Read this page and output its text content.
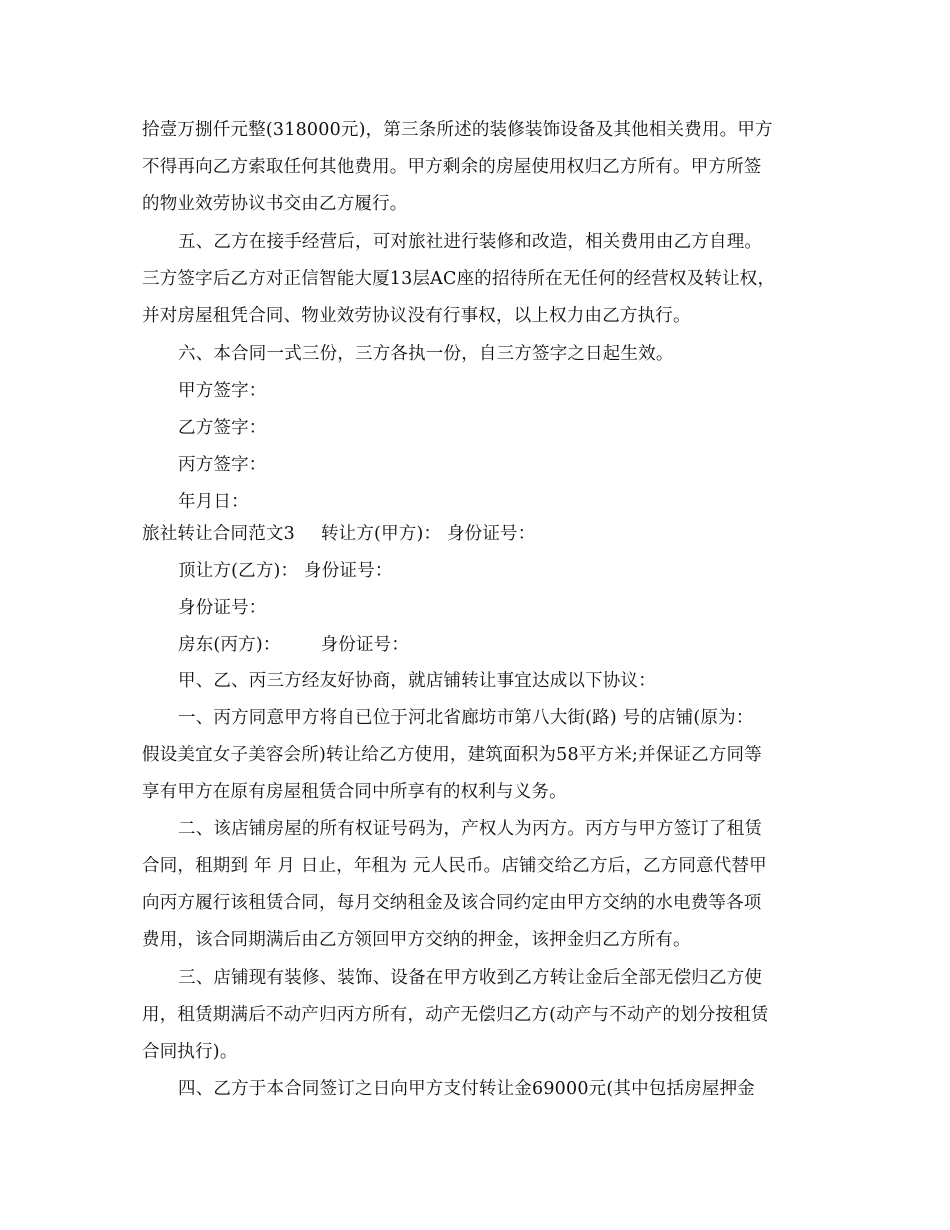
拾壹万捌仟元整(318000元)，第三条所述的装修装饰设备及其他相关费用。甲方
不得再向乙方索取任何其他费用。甲方剩余的房屋使用权归乙方所有。甲方所签
的物业效劳协议书交由乙方履行。
五、乙方在接手经营后，可对旅社进行装修和改造，相关费用由乙方自理。
三方签字后乙方对正信智能大厦13层AC座的招待所在无任何的经营权及转让权，
并对房屋租凭合同、物业效劳协议没有行事权，以上权力由乙方执行。
六、本合同一式三份，三方各执一份，自三方签字之日起生效。
甲方签字：
乙方签字：
丙方签字：
年月日：
旅社转让合同范文3 转让方(甲方)： 身份证号：
顶让方(乙方)： 身份证号：
身份证号：
房东(丙方)： 身份证号：
甲、乙、丙三方经友好协商，就店铺转让事宜达成以下协议：
一、丙方同意甲方将自已位于河北省廊坊市第八大街(路) 号的店铺(原为：
假设美宜女子美容会所)转让给乙方使用，建筑面积为58平方米;并保证乙方同等
享有甲方在原有房屋租赁合同中所享有的权利与义务。
二、该店铺房屋的所有权证号码为，产权人为丙方。丙方与甲方签订了租赁
合同，租期到 年 月 日止，年租为 元人民币。店铺交给乙方后，乙方同意代替甲
向丙方履行该租赁合同，每月交纳租金及该合同约定由甲方交纳的水电费等各项
费用，该合同期满后由乙方领回甲方交纳的押金，该押金归乙方所有。
三、店铺现有装修、装饰、设备在甲方收到乙方转让金后全部无偿归乙方使
用，租赁期满后不动产归丙方所有，动产无偿归乙方(动产与不动产的划分按租赁
合同执行)。
四、乙方于本合同签订之日向甲方支付转让金69000元(其中包括房屋押金
